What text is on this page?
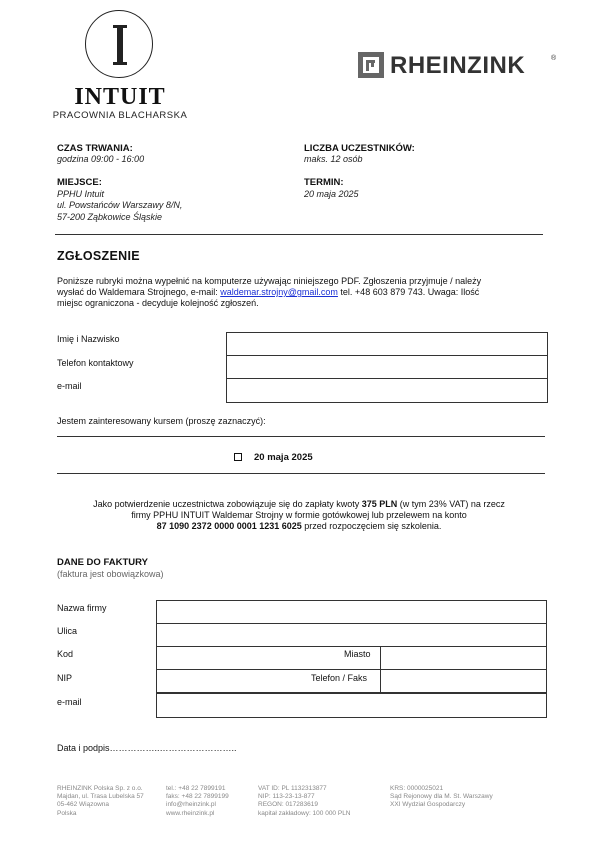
INTUIT
PRACOWNIA BLACHARSKA
RHEINZINK	®
CZAS TRWANIA:
godzina 09:00 - 16:00
LICZBA UCZESTNIKÓW:
maks. 12 osób
MIEJSCE:
PPHU Intuit
ul. Powstańców Warszawy 8/N,
57-200 Ząbkowice Śląskie
TERMIN:
20 maja 2025
ZGŁOSZENIE
Poniższe rubryki można wypełnić na komputerze używając niniejszego PDF. Zgłoszenia przyjmuje / należy
wysłać do Waldemara Strojnego, e-mail: waldemar.strojny@gmail.com tel. +48 603 879 743. Uwaga: Ilość
miejsc ograniczona - decyduje kolejność zgłoszeń.
Imię i Nazwisko
Telefon kontaktowy
e-mail
Jestem zainteresowany kursem (proszę zaznaczyć):
20 maja 2025
Jako potwierdzenie uczestnictwa zobowiązuje się do zapłaty kwoty 375 PLN (w tym 23% VAT) na rzecz
firmy PPHU INTUIT Waldemar Strojny w formie gotówkowej lub przelewem na konto
87 1090 2372 0000 0001 1231 6025 przed rozpoczęciem się szkolenia.
DANE DO FAKTURY
(faktura jest obowiązkowa)
Nazwa firmy
Ulica
Kod
NIP
e-mail
Miasto
Telefon / Faks
Data i podpis……………..……………………..
RHEINZINK Polska Sp. z o.o.
Majdan, ul. Trasa Lubelska 57
05-462 Wiązowna
Polska
tel.: +48 22 7899191
faks: +48 22 7899199
info@rheinzink.pl
www.rheinzink.pl
VAT ID: PL 1132313877
NIP: 113-23-13-877
REGON: 017283619
kapitał zakładowy: 100 000 PLN
KRS: 0000025021
Sąd Rejonowy dla M. St. Warszawy
XXI Wydział Gospodarczy
